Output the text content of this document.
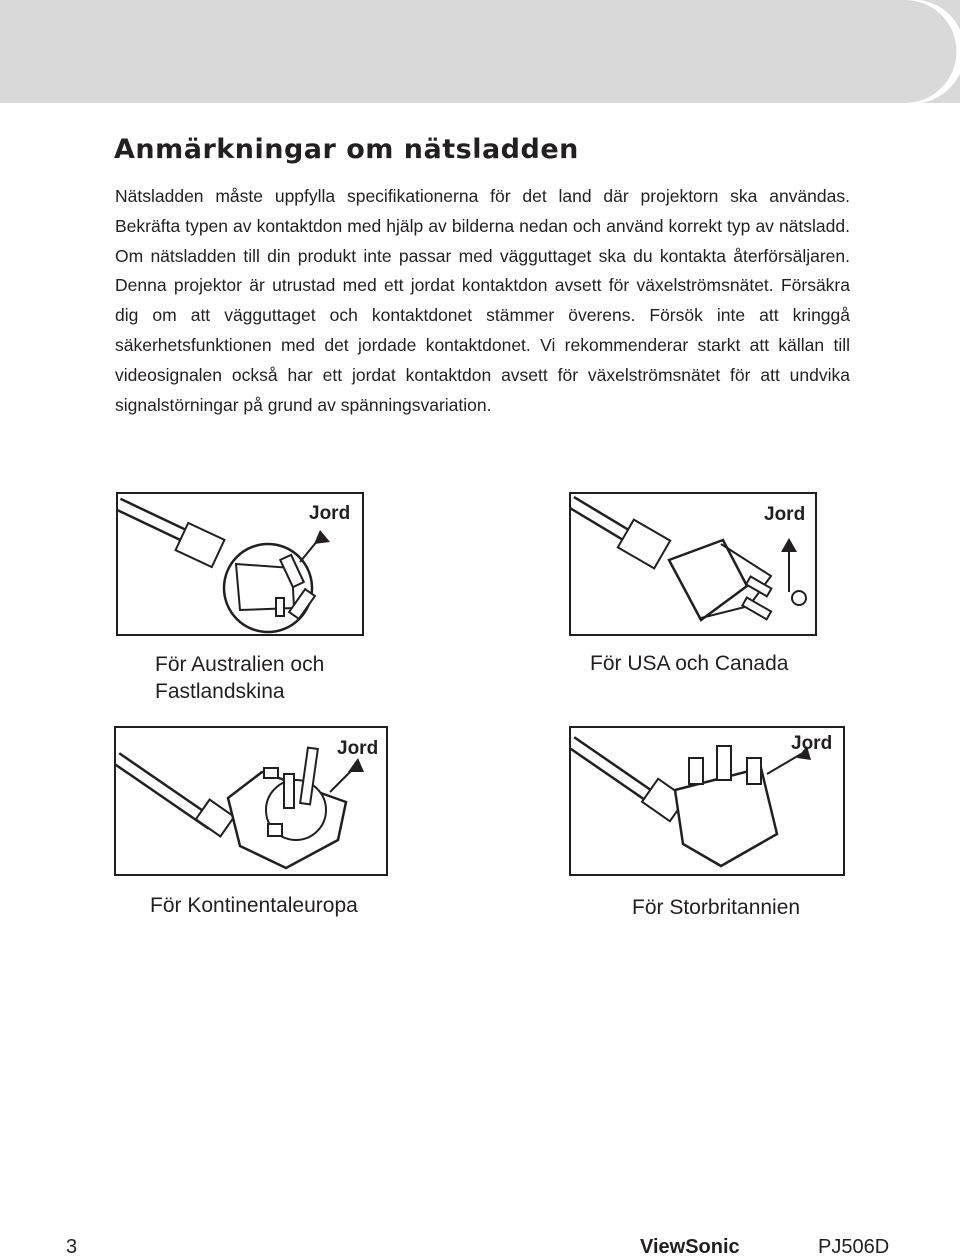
Anmärkningar om nätsladden

Nätsladden måste uppfylla specifikationerna för det land där projektorn ska användas. Bekräfta typen av kontaktdon med hjälp av bilderna nedan och använd korrekt typ av nätsladd. Om nätsladden till din produkt inte passar med vägguttaget ska du kontakta återförsäljaren. Denna projektor är utrustad med ett jordat kontaktdon avsett för växelströmsnätet. Försäkra dig om att vägguttaget och kontaktdonet stämmer överens. Försök inte att kringgå säkerhetsfunktionen med det jordade kontaktdonet. Vi rekommenderar starkt att källan till videosignalen också har ett jordat kontaktdon avsett för växelströmsnätet för att undvika signalstörningar på grund av spänningsvariation.

Jord
För Australien och
Fastlandskina
Jord
För USA och Canada
Jord
För Kontinentaleuropa
Jord
För Storbritannien
3	ViewSonic	PJ506D
